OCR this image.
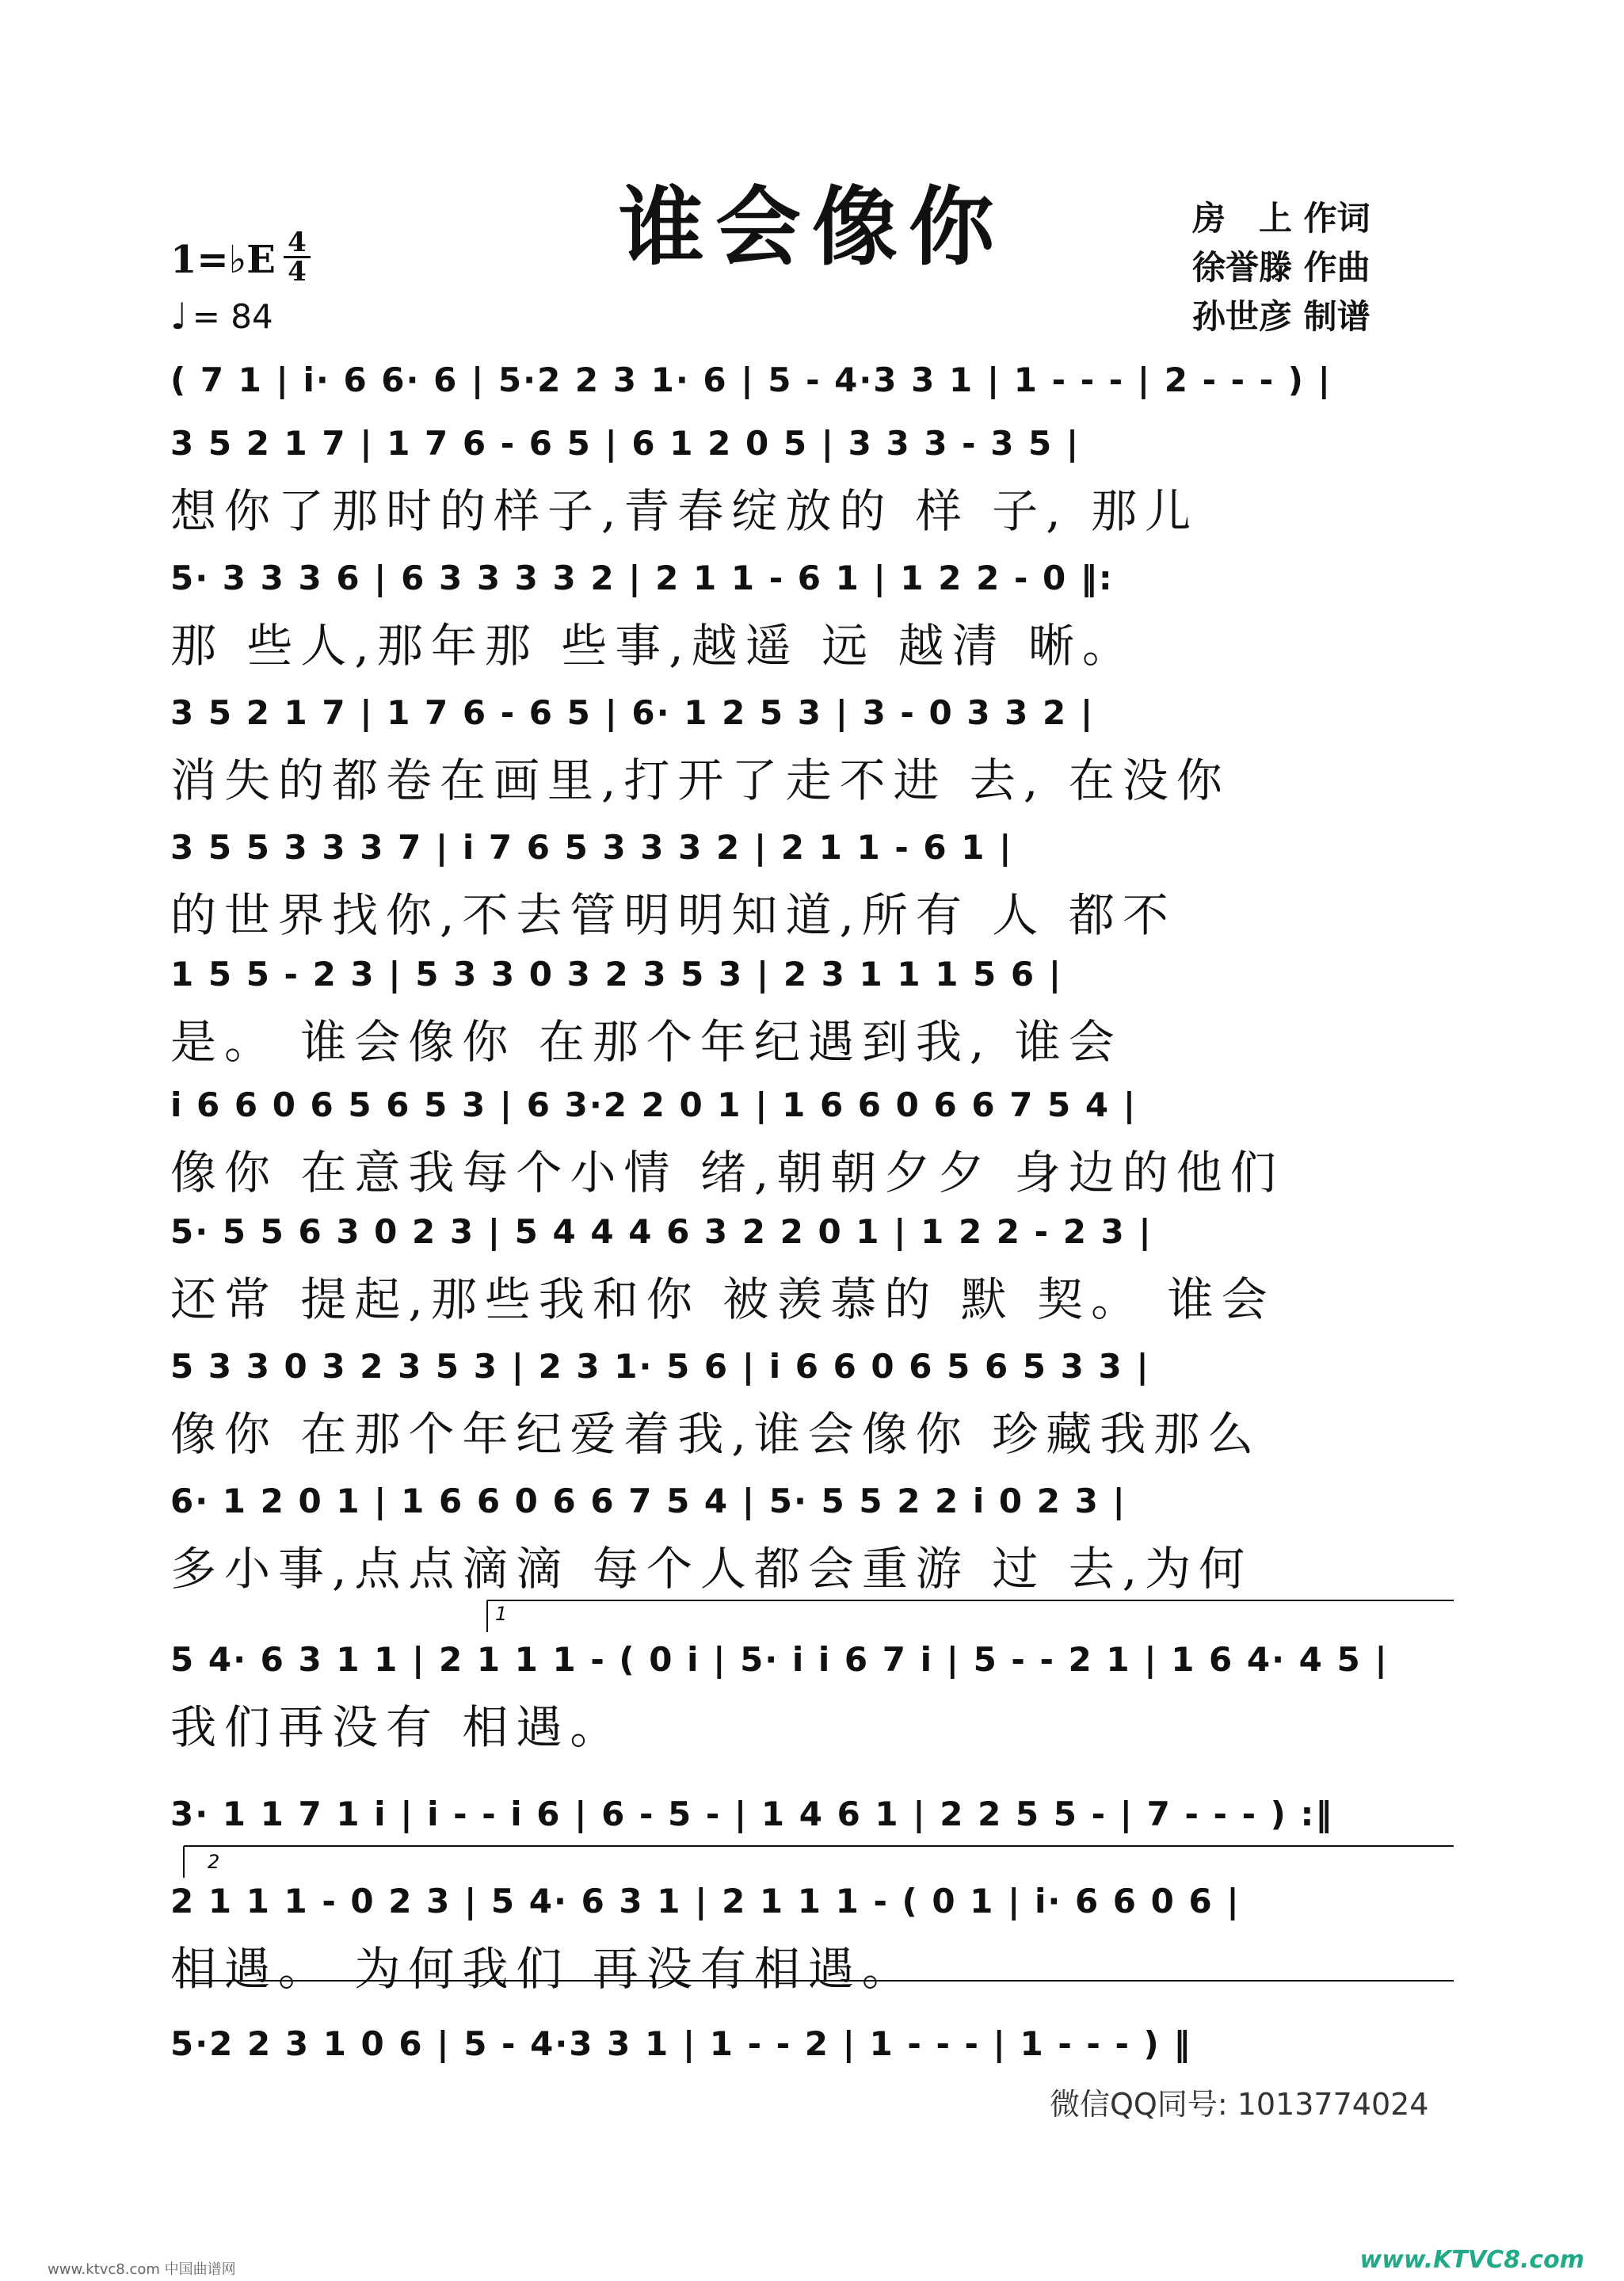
谁会像你	房　上 作词
徐誉滕 作曲
孙世彦 制谱
1=♭E 4
4
♩ = 84
( 7 1 | i· 6 6· 6 | 5·2 2 3 1· 6 | 5 - 4·3 3 1 | 1 - - - | 2 - - - ) |
3 5 2 1 7 | 1 7 6 - 6 5 | 6 1 2 0 5 | 3 3 3 - 3 5 |
想你了那时的样子,青春绽放的 样 子, 那儿
5· 3 3 3 6 | 6 3 3 3 3 2 | 2 1 1 - 6 1 | 1 2 2 - 0 ‖:
那 些人,那年那 些事,越遥 远 越清 晰。
3 5 2 1 7 | 1 7 6 - 6 5 | 6· 1 2 5 3 | 3 - 0 3 3 2 |
消失的都卷在画里,打开了走不进 去, 在没你
3 5 5 3 3 3 7 | i 7 6 5 3 3 3 2 | 2 1 1 - 6 1 |
的世界找你,不去管明明知道,所有 人 都不
1 5 5 - 2 3 | 5 3 3 0 3 2 3 5 3 | 2 3 1 1 1 5 6 |
是。 谁会像你 在那个年纪遇到我, 谁会
i 6 6 0 6 5 6 5 3 | 6 3·2 2 0 1 | 1 6 6 0 6 6 7 5 4 |
像你 在意我每个小情 绪,朝朝夕夕 身边的他们
5· 5 5 6 3 0 2 3 | 5 4 4 4 6 3 2 2 0 1 | 1 2 2 - 2 3 |
还常 提起,那些我和你 被羡慕的 默 契。 谁会
5 3 3 0 3 2 3 5 3 | 2 3 1· 5 6 | i 6 6 0 6 5 6 5 3 3 |
像你 在那个年纪爱着我,谁会像你 珍藏我那么
6· 1 2 0 1 | 1 6 6 0 6 6 7 5 4 | 5· 5 5 2 2 i 0 2 3 |
多小事,点点滴滴 每个人都会重游 过 去,为何
5 4· 6 3 1 1 | 2 1 1 1 - ( 0 i | 5· i i 6 7 i | 5 - - 2 1 | 1 6 4· 4 5 |
我们再没有 相遇。
3· 1 1 7 1 i | i - - i 6 | 6 - 5 - | 1 4 6 1 | 2 2 5 5 - | 7 - - - ) :‖
2 1 1 1 - 0 2 3 | 5 4· 6 3 1 | 2 1 1 1 - ( 0 1 | i· 6 6 0 6 |
相遇。 为何我们 再没有相遇。
5·2 2 3 1 0 6 | 5 - 4·3 3 1 | 1 - - 2 | 1 - - - | 1 - - - ) ‖
1
2
微信QQ同号: 1013774024
www.ktvc8.com 中国曲谱网	www.KTVC8.com
